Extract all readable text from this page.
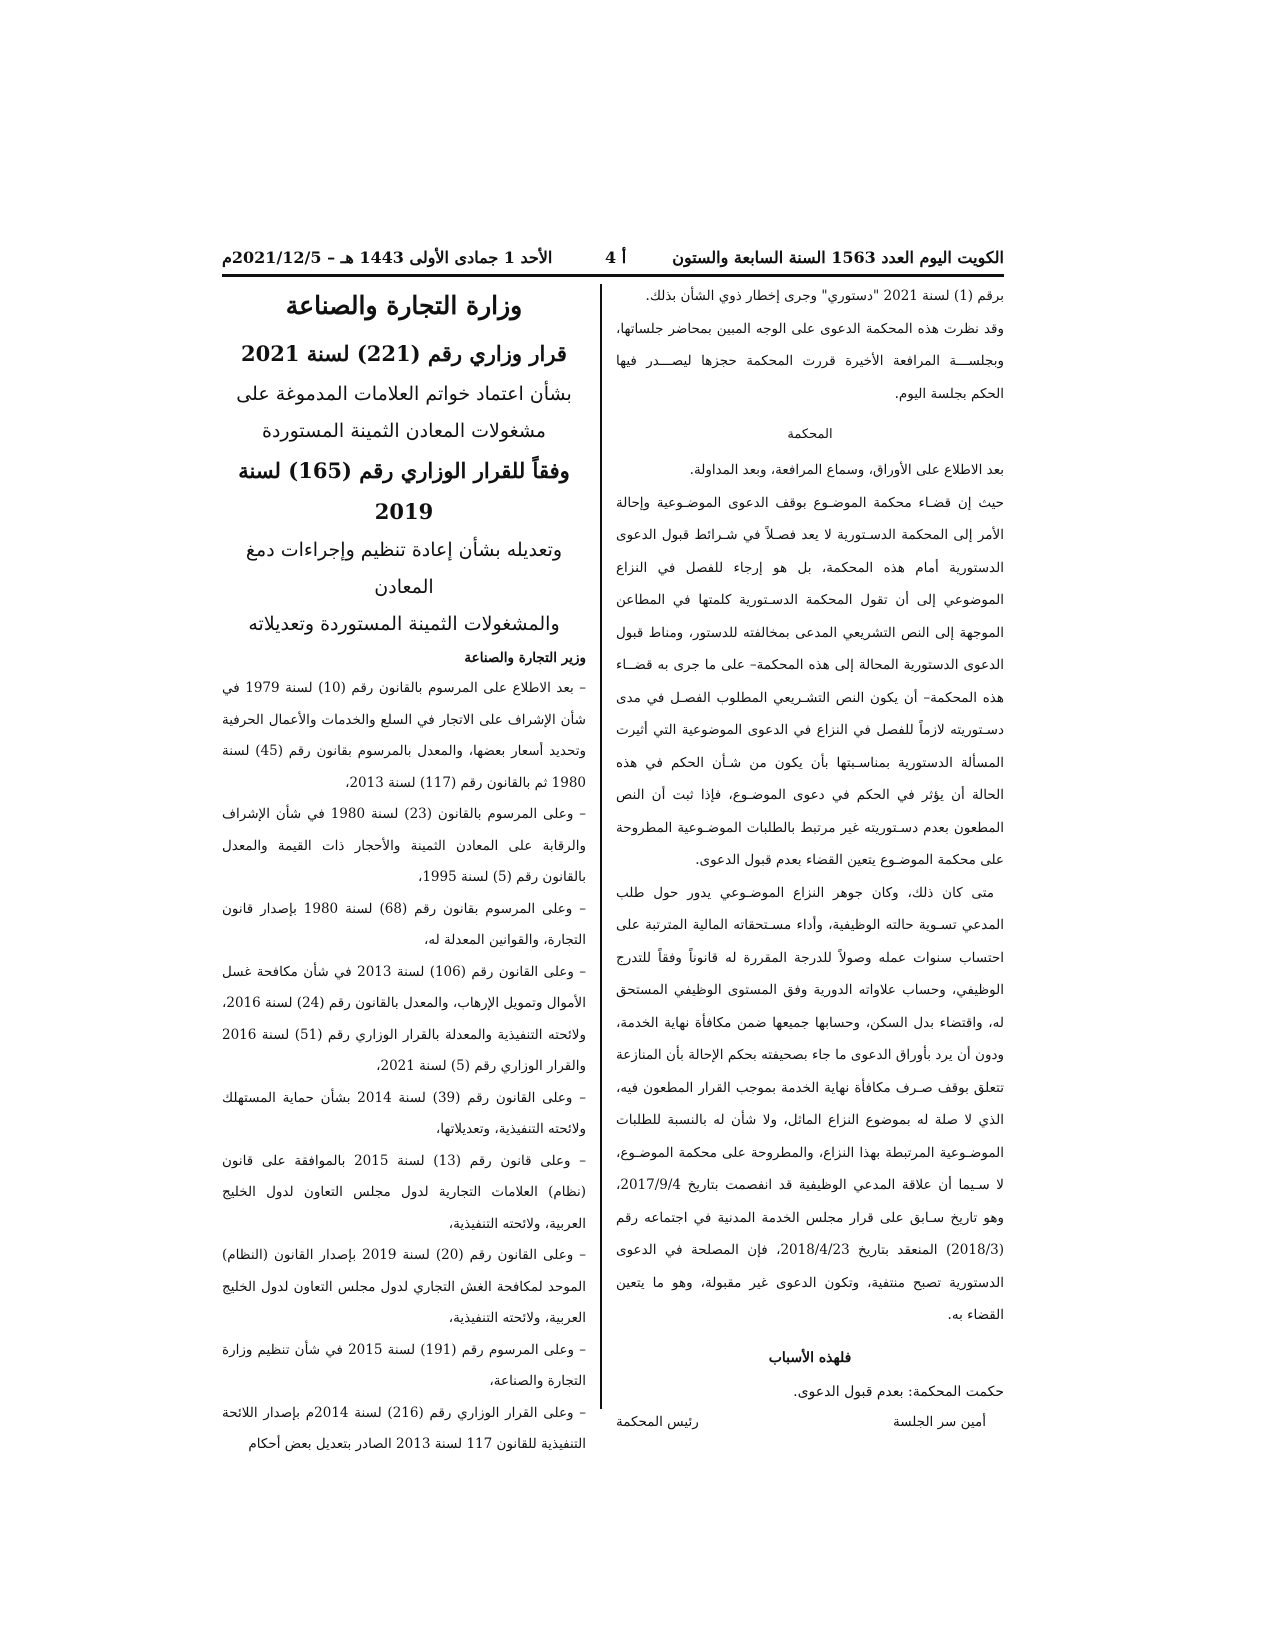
الكويت اليوم العدد 1563 السنة السابعة والستون
أ 4
الأحد 1 جمادى الأولى 1443 هـ – 2021/12/5م

برقم (1) لسنة 2021 "دستوري" وجرى إخطار ذوي الشأن بذلك.

وقد نظرت هذه المحكمة الدعوى على الوجه المبين بمحاضر جلساتها، وبجلســـة المرافعة الأخيرة قررت المحكمة حجزها ليصـــدر فيها الحكم بجلسة اليوم.

المحكمة

بعد الاطلاع على الأوراق، وسماع المرافعة، وبعد المداولة.

حيث إن قضـاء محكمة الموضـوع بوقف الدعوى الموضـوعية وإحالة الأمر إلى المحكمة الدسـتورية لا يعد فصـلاً في شـرائط قبول الدعوى الدستورية أمام هذه المحكمة، بل هو إرجاء للفصل في النزاع الموضوعي إلى أن تقول المحكمة الدسـتورية كلمتها في المطاعن الموجهة إلى النص التشريعي المدعى بمخالفته للدستور، ومناط قبول الدعوى الدستورية المحالة إلى هذه المحكمة– على ما جرى به قضــاء هذه المحكمة– أن يكون النص التشـريعي المطلوب الفصـل في مدى دسـتوريته لازماً للفصل في النزاع في الدعوى الموضوعية التي أثيرت المسألة الدستورية بمناسـبتها بأن يكون من شـأن الحكم في هذه الحالة أن يؤثر في الحكم في دعوى الموضـوع، فإذا ثبت أن النص المطعون بعدم دسـتوريته غير مرتبط بالطلبات الموضـوعية المطروحة على محكمة الموضـوع يتعين القضاء بعدم قبول الدعوى.

متى كان ذلك، وكان جوهر النزاع الموضـوعي يدور حول طلب المدعي تسـوية حالته الوظيفية، وأداء مسـتحقاته المالية المترتبة على احتساب سنوات عمله وصولاً للدرجة المقررة له قانوناً وفقاً للتدرج الوظيفي، وحساب علاواته الدورية وفق المستوى الوظيفي المستحق له، واقتضاء بدل السكن، وحسابها جميعها ضمن مكافأة نهاية الخدمة، ودون أن يرد بأوراق الدعوى ما جاء بصحيفته بحكم الإحالة بأن المنازعة تتعلق بوقف صـرف مكافأة نهاية الخدمة بموجب القرار المطعون فيه، الذي لا صلة له بموضوع النزاع الماثل، ولا شأن له بالنسبة للطلبات الموضـوعية المرتبطة بهذا النزاع، والمطروحة على محكمة الموضـوع، لا سـيما أن علاقة المدعي الوظيفية قد انفصمت بتاريخ 2017/9/4، وهو تاريخ سـابق على قرار مجلس الخدمة المدنية في اجتماعه رقم (2018/3) المنعقد بتاريخ 2018/4/23، فإن المصلحة في الدعوى الدستورية تصبح منتفية، وتكون الدعوى غير مقبولة، وهو ما يتعين القضاء به.

فلهذه الأسباب

حكمت المحكمة: بعدم قبول الدعوى.

أمين سر الجلسة
رئيس المحكمة
وزارة التجارة والصناعة
قرار وزاري رقم (221) لسنة 2021
بشأن اعتماد خواتم العلامات المدموغة على
مشغولات المعادن الثمينة المستوردة
وفقاً للقرار الوزاري رقم (165) لسنة 2019
وتعديله بشأن إعادة تنظيم وإجراءات دمغ المعادن
والمشغولات الثمينة المستوردة وتعديلاته
وزير التجارة والصناعة

– بعد الاطلاع على المرسوم بالقانون رقم (10) لسنة 1979 في شأن الإشراف على الاتجار في السلع والخدمات والأعمال الحرفية وتحديد أسعار بعضها، والمعدل بالمرسوم بقانون رقم (45) لسنة 1980 ثم بالقانون رقم (117) لسنة 2013،

– وعلى المرسوم بالقانون (23) لسنة 1980 في شأن الإشراف والرقابة على المعادن الثمينة والأحجار ذات القيمة والمعدل بالقانون رقم (5) لسنة 1995،

– وعلى المرسوم بقانون رقم (68) لسنة 1980 بإصدار قانون التجارة، والقوانين المعدلة له،

– وعلى القانون رقم (106) لسنة 2013 في شأن مكافحة غسل الأموال وتمويل الإرهاب، والمعدل بالقانون رقم (24) لسنة 2016، ولائحته التنفيذية والمعدلة بالقرار الوزاري رقم (51) لسنة 2016 والقرار الوزاري رقم (5) لسنة 2021،

– وعلى القانون رقم (39) لسنة 2014 بشأن حماية المستهلك ولائحته التنفيذية، وتعديلاتها،

– وعلى قانون رقم (13) لسنة 2015 بالموافقة على قانون (نظام) العلامات التجارية لدول مجلس التعاون لدول الخليج العربية، ولائحته التنفيذية،

– وعلى القانون رقم (20) لسنة 2019 بإصدار القانون (النظام) الموحد لمكافحة الغش التجاري لدول مجلس التعاون لدول الخليج العربية، ولائحته التنفيذية،

– وعلى المرسوم رقم (191) لسنة 2015 في شأن تنظيم وزارة التجارة والصناعة،

– وعلى القرار الوزاري رقم (216) لسنة 2014م بإصدار اللائحة التنفيذية للقانون 117 لسنة 2013 الصادر بتعديل بعض أحكام
